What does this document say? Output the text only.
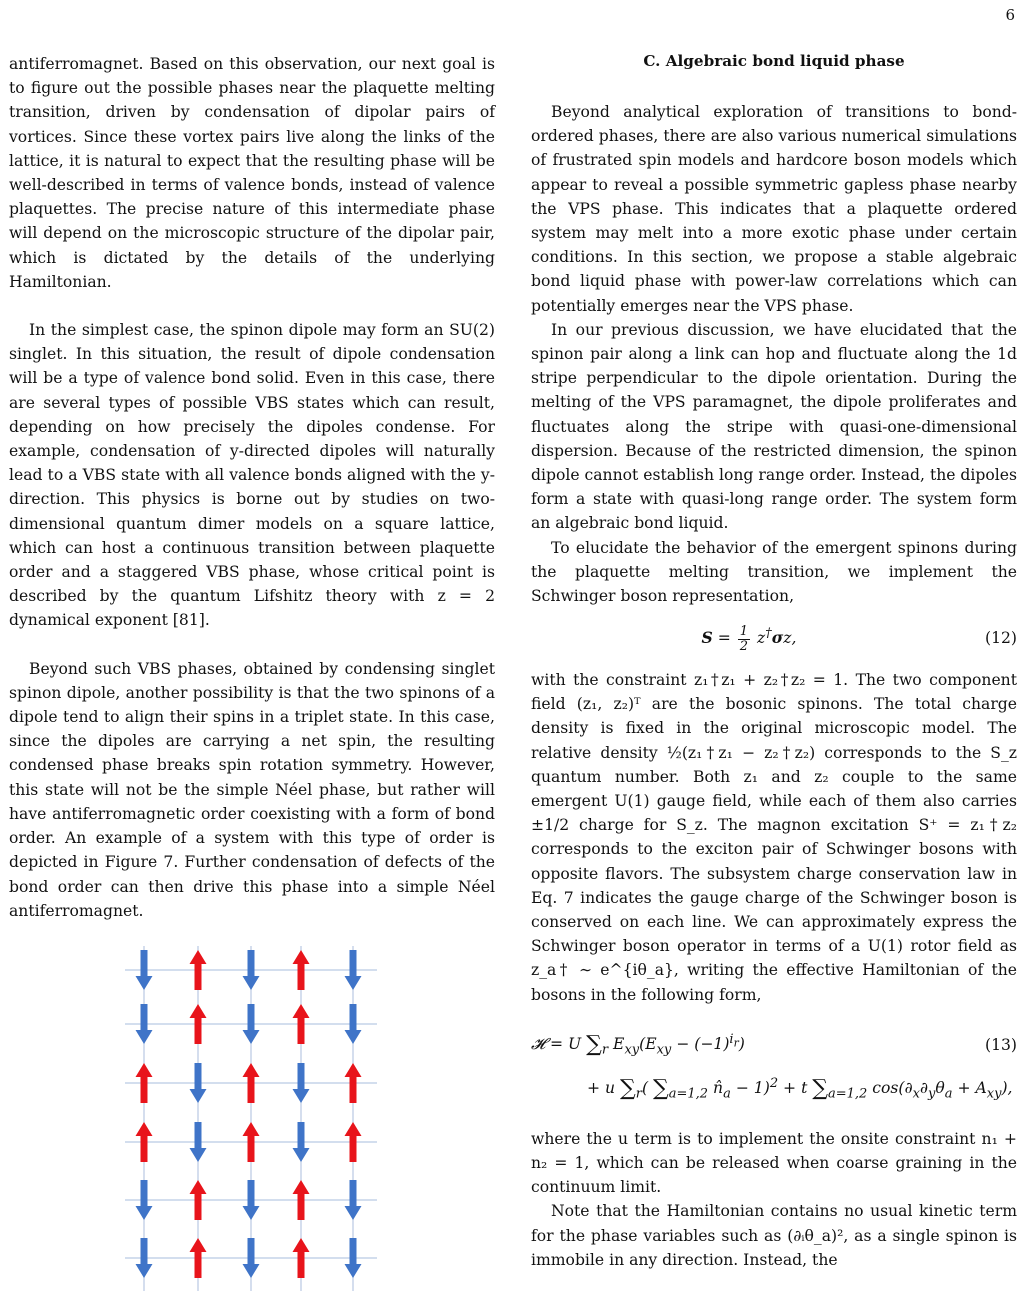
6

antiferromagnet. Based on this observation, our next goal is to figure out the possible phases near the plaquette melting transition, driven by condensation of dipolar pairs of vortices. Since these vortex pairs live along the links of the lattice, it is natural to expect that the resulting phase will be well-described in terms of valence bonds, instead of valence plaquettes. The precise nature of this intermediate phase will depend on the microscopic structure of the dipolar pair, which is dictated by the details of the underlying Hamiltonian.

In the simplest case, the spinon dipole may form an SU(2) singlet. In this situation, the result of dipole condensation will be a type of valence bond solid. Even in this case, there are several types of possible VBS states which can result, depending on how precisely the dipoles condense. For example, condensation of y-directed dipoles will naturally lead to a VBS state with all valence bonds aligned with the y-direction. This physics is borne out by studies on two-dimensional quantum dimer models on a square lattice, which can host a continuous transition between plaquette order and a staggered VBS phase, whose critical point is described by the quantum Lifshitz theory with z = 2 dynamical exponent [81].

Beyond such VBS phases, obtained by condensing singlet spinon dipole, another possibility is that the two spinons of a dipole tend to align their spins in a triplet state. In this case, since the dipoles are carrying a net spin, the resulting condensed phase breaks spin rotation symmetry. However, this state will not be the simple Néel phase, but rather will have antiferromagnetic order coexisting with a form of bond order. An example of a system with this type of order is depicted in Figure 7. Further condensation of defects of the bond order can then drive this phase into a simple Néel antiferromagnet.

C. Algebraic bond liquid phase

Beyond analytical exploration of transitions to bond-ordered phases, there are also various numerical simulations of frustrated spin models and hardcore boson models which appear to reveal a possible symmetric gapless phase nearby the VPS phase. This indicates that a plaquette ordered system may melt into a more exotic phase under certain conditions. In this section, we propose a stable algebraic bond liquid phase with power-law correlations which can potentially emerges near the VPS phase.

In our previous discussion, we have elucidated that the spinon pair along a link can hop and fluctuate along the 1d stripe perpendicular to the dipole orientation. During the melting of the VPS paramagnet, the dipole proliferates and fluctuates along the stripe with quasi-one-dimensional dispersion. Because of the restricted dimension, the spinon dipole cannot establish long range order. Instead, the dipoles form a state with quasi-long range order. The system form an algebraic bond liquid.

To elucidate the behavior of the emergent spinons during the plaquette melting transition, we implement the Schwinger boson representation,

$S = \frac{1}{2} z^\dagger\sigma z$,	(12)

with the constraint z₁†z₁ + z₂†z₂ = 1. The two component field (z₁, z₂)ᵀ are the bosonic spinons. The total charge density is fixed in the original microscopic model. The relative density ½(z₁†z₁ − z₂†z₂) corresponds to the S_z quantum number. Both z₁ and z₂ couple to the same emergent U(1) gauge field, while each of them also carries ±1/2 charge for S_z. The magnon excitation S⁺ = z₁†z₂ corresponds to the exciton pair of Schwinger bosons with opposite flavors. The subsystem charge conservation law in Eq. 7 indicates the gauge charge of the Schwinger boson is conserved on each line. We can approximately express the Schwinger boson operator in terms of a U(1) rotor field as z_a† ∼ e^{iθ_a}, writing the effective Hamiltonian of the bosons in the following form,

𝓗 = U $\sum_r$ $E_{xy}(E_{xy} - (-1)^{i_r})$	(13)
+ u $\sum_r$( $\sum_{a=1,2}$ $n̂_a - 1)^2 + t$ $\sum_{a=1,2}$ $\cos(\partial_x\partial_y\theta_a + A_{xy})$,

where the u term is to implement the onsite constraint n₁ + n₂ = 1, which can be released when coarse graining in the continuum limit.

Note that the Hamiltonian contains no usual kinetic term for the phase variables such as (∂ᵢθ_a)², as a single spinon is immobile in any direction. Instead, the
